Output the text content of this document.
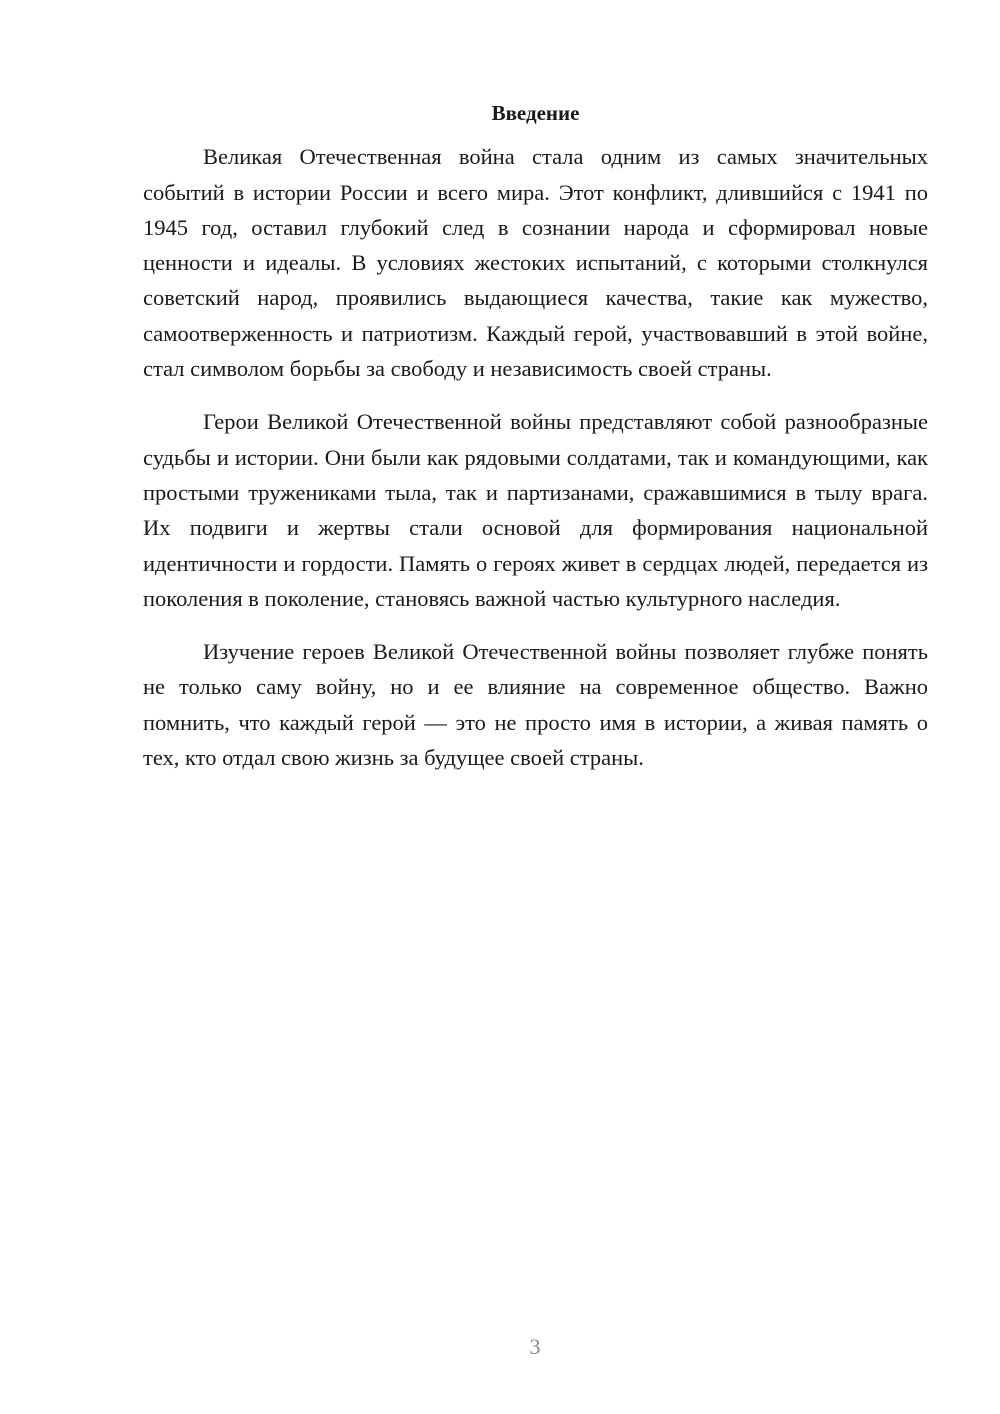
Введение

Великая Отечественная война стала одним из самых значительных событий в истории России и всего мира. Этот конфликт, длившийся с 1941 по 1945 год, оставил глубокий след в сознании народа и сформировал новые ценности и идеалы. В условиях жестоких испытаний, с которыми столкнулся советский народ, проявились выдающиеся качества, такие как мужество, самоотверженность и патриотизм. Каждый герой, участвовавший в этой войне, стал символом борьбы за свободу и независимость своей страны.

Герои Великой Отечественной войны представляют собой разнообразные судьбы и истории. Они были как рядовыми солдатами, так и командующими, как простыми тружениками тыла, так и партизанами, сражавшимися в тылу врага. Их подвиги и жертвы стали основой для формирования национальной идентичности и гордости. Память о героях живет в сердцах людей, передается из поколения в поколение, становясь важной частью культурного наследия.

Изучение героев Великой Отечественной войны позволяет глубже понять не только саму войну, но и ее влияние на современное общество. Важно помнить, что каждый герой — это не просто имя в истории, а живая память о тех, кто отдал свою жизнь за будущее своей страны.

3
